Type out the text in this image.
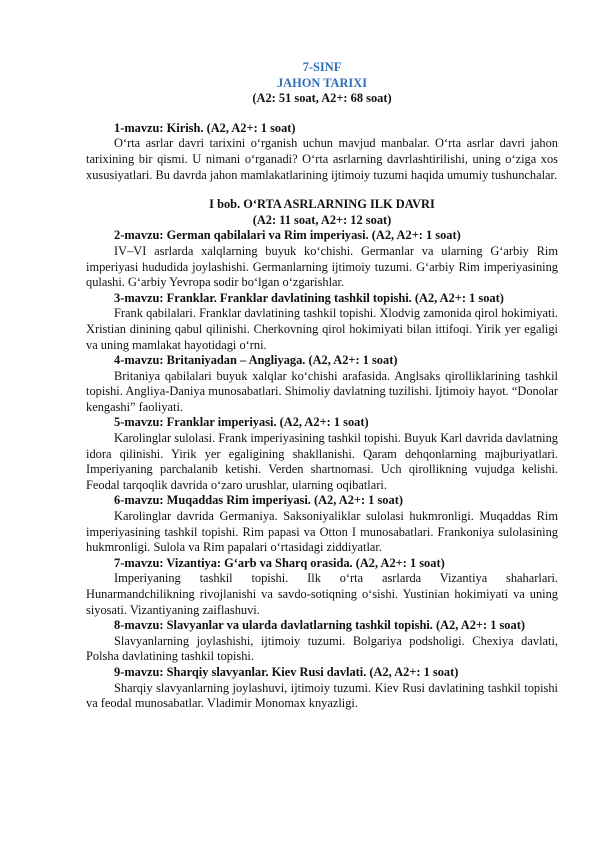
7-SINF
JAHON TARIXI
(A2: 51 soat, A2+: 68 soat)
1-mavzu: Kirish. (A2, A2+: 1 soat)
O‘rta asrlar davri tarixini o‘rganish uchun mavjud manbalar. O‘rta asrlar davri jahon tarixining bir qismi. U nimani o‘rganadi? O‘rta asrlarning davrlashtirilishi, uning o‘ziga xos xususiyatlari. Bu davrda jahon mamlakatlarining ijtimoiy tuzumi haqida umumiy tushunchalar.
I bob. O‘RTA ASRLARNING ILK DAVRI
(A2: 11 soat, A2+: 12 soat)
2-mavzu: German qabilalari va Rim imperiyasi. (A2, A2+: 1 soat)
IV–VI asrlarda xalqlarning buyuk ko‘chishi. Germanlar va ularning G‘arbiy Rim imperiyasi hududida joylashishi. Germanlarning ijtimoiy tuzumi. G‘arbiy Rim imperiyasining qulashi. G‘arbiy Yevropa sodir bo‘lgan o‘zgarishlar.
3-mavzu: Franklar. Franklar davlatining tashkil topishi. (A2, A2+: 1 soat)
Frank qabilalari. Franklar davlatining tashkil topishi. Xlodvig zamonida qirol hokimiyati. Xristian dinining qabul qilinishi. Cherkovning qirol hokimiyati bilan ittifoqi. Yirik yer egaligi va uning mamlakat hayotidagi o‘rni.
4-mavzu: Britaniyadan – Angliyaga. (A2, A2+: 1 soat)
Britaniya qabilalari buyuk xalqlar ko‘chishi arafasida. Anglsaks qirolliklarining tashkil topishi. Angliya-Daniya munosabatlari. Shimoliy davlatning tuzilishi. Ijtimoiy hayot. “Donolar kengashi” faoliyati.
5-mavzu: Franklar imperiyasi. (A2, A2+: 1 soat)
Karolinglar sulolasi. Frank imperiyasining tashkil topishi. Buyuk Karl davrida davlatning idora qilinishi. Yirik yer egaligining shakllanishi. Qaram dehqonlarning majburiyatlari. Imperiyaning parchalanib ketishi. Verden shartnomasi. Uch qirollikning vujudga kelishi. Feodal tarqoqlik davrida o‘zaro urushlar, ularning oqibatlari.
6-mavzu: Muqaddas Rim imperiyasi. (A2, A2+: 1 soat)
Karolinglar davrida Germaniya. Saksoniyaliklar sulolasi hukmronligi. Muqaddas Rim imperiyasining tashkil topishi. Rim papasi va Otton I munosabatlari. Frankoniya sulolasining hukmronligi. Sulola va Rim papalari o‘rtasidagi ziddiyatlar.
7-mavzu: Vizantiya: G‘arb va Sharq orasida. (A2, A2+: 1 soat)
Imperiyaning tashkil topishi. Ilk o‘rta asrlarda Vizantiya shaharlari. Hunarmandchilikning rivojlanishi va savdo-sotiqning o‘sishi. Yustinian hokimiyati va uning siyosati. Vizantiyaning zaiflashuvi.
8-mavzu: Slavyanlar va ularda davlatlarning tashkil topishi. (A2, A2+: 1 soat)
Slavyanlarning joylashishi, ijtimoiy tuzumi. Bolgariya podsholigi. Chexiya davlati, Polsha davlatining tashkil topishi.
9-mavzu: Sharqiy slavyanlar. Kiev Rusi davlati. (A2, A2+: 1 soat)
Sharqiy slavyanlarning joylashuvi, ijtimoiy tuzumi. Kiev Rusi davlatining tashkil topishi va feodal munosabatlar. Vladimir Monomax knyazligi.
